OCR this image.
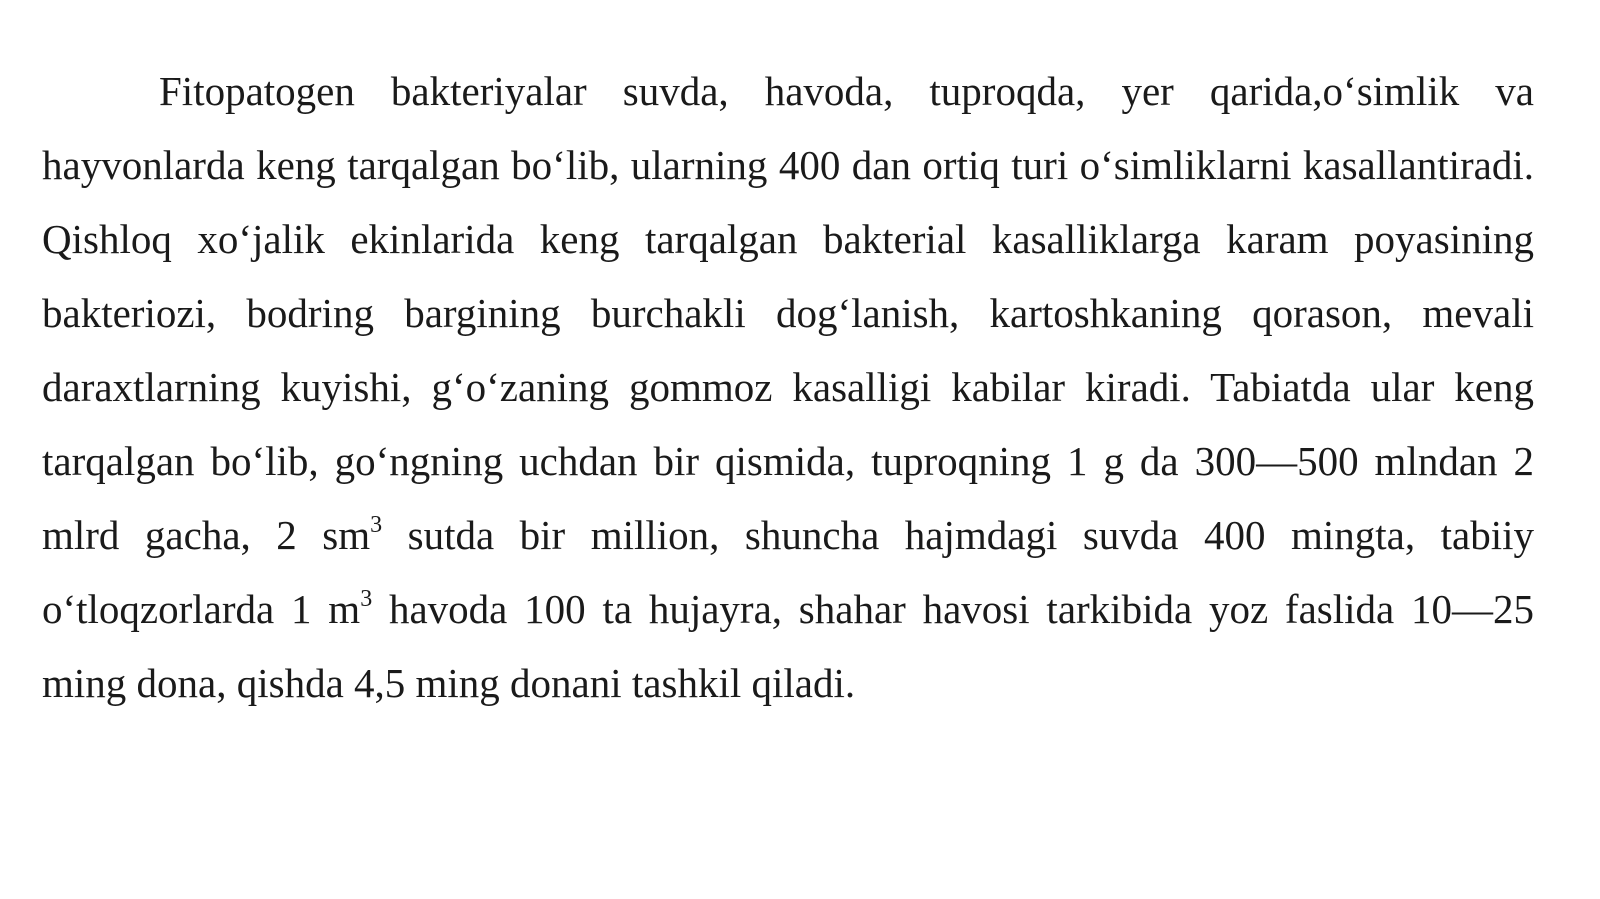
Fitopatogen bakteriyalar suvda, havoda, tuproqda, yer qarida,o‘simlik va hayvonlarda keng tarqalgan bo‘lib, ularning 400 dan ortiq turi o‘simliklarni kasallantiradi. Qishloq xo‘jalik ekinlarida keng tarqalgan bakterial kasalliklarga karam poyasining bakteriozi, bodring bargining burchakli dog‘lanish, kartoshkaning qorason, mevali daraxtlarning kuyishi, g‘o‘zaning gommoz kasalligi kabilar kiradi. Tabiatda ular keng tarqalgan bo‘lib, go‘ngning uchdan bir qismida, tuproqning 1 g da 300—500 mlndan 2 mlrd gacha, 2 $sm^3$ sutda bir million, shuncha hajmdagi suvda 400 mingta, tabiiy o‘tloqzorlarda 1 $m^3$ havoda 100 ta hujayra, shahar havosi tarkibida yoz faslida 10—25 ming dona, qishda 4,5 ming donani tashkil qiladi.
